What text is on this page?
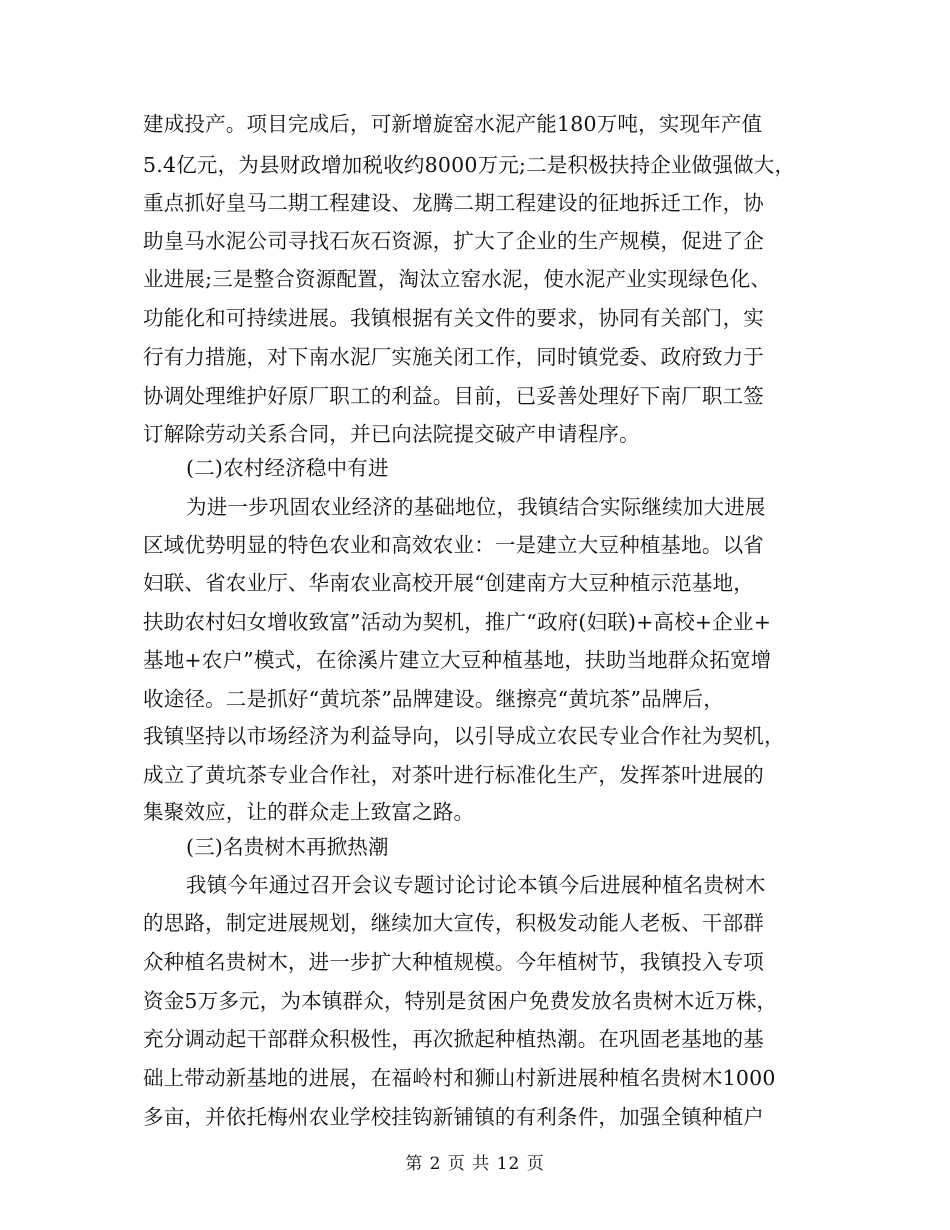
建成投产。项目完成后，可新增旋窑水泥产能180万吨，实现年产值
5.4亿元，为县财政增加税收约8000万元;二是积极扶持企业做强做大，
重点抓好皇马二期工程建设、龙腾二期工程建设的征地拆迁工作，协
助皇马水泥公司寻找石灰石资源，扩大了企业的生产规模，促进了企
业进展;三是整合资源配置，淘汰立窑水泥，使水泥产业实现绿色化、
功能化和可持续进展。我镇根据有关文件的要求，协同有关部门，实
行有力措施，对下南水泥厂实施关闭工作，同时镇党委、政府致力于
协调处理维护好原厂职工的利益。目前，已妥善处理好下南厂职工签
订解除劳动关系合同，并已向法院提交破产申请程序。
(二)农村经济稳中有进
为进一步巩固农业经济的基础地位，我镇结合实际继续加大进展
区域优势明显的特色农业和高效农业：一是建立大豆种植基地。以省
妇联、省农业厅、华南农业高校开展“创建南方大豆种植示范基地，
扶助农村妇女增收致富”活动为契机，推广“政府(妇联)+高校+企业+
基地+农户”模式，在徐溪片建立大豆种植基地，扶助当地群众拓宽增
收途径。二是抓好“黄坑茶”品牌建设。继擦亮“黄坑茶”品牌后，
我镇坚持以市场经济为利益导向，以引导成立农民专业合作社为契机，
成立了黄坑茶专业合作社，对茶叶进行标准化生产，发挥茶叶进展的
集聚效应，让的群众走上致富之路。
(三)名贵树木再掀热潮
我镇今年通过召开会议专题讨论讨论本镇今后进展种植名贵树木
的思路，制定进展规划，继续加大宣传，积极发动能人老板、干部群
众种植名贵树木，进一步扩大种植规模。今年植树节，我镇投入专项
资金5万多元，为本镇群众，特别是贫困户免费发放名贵树木近万株，
充分调动起干部群众积极性，再次掀起种植热潮。在巩固老基地的基
础上带动新基地的进展，在福岭村和狮山村新进展种植名贵树木1000
多亩，并依托梅州农业学校挂钩新铺镇的有利条件，加强全镇种植户
第 2 页 共 12 页
